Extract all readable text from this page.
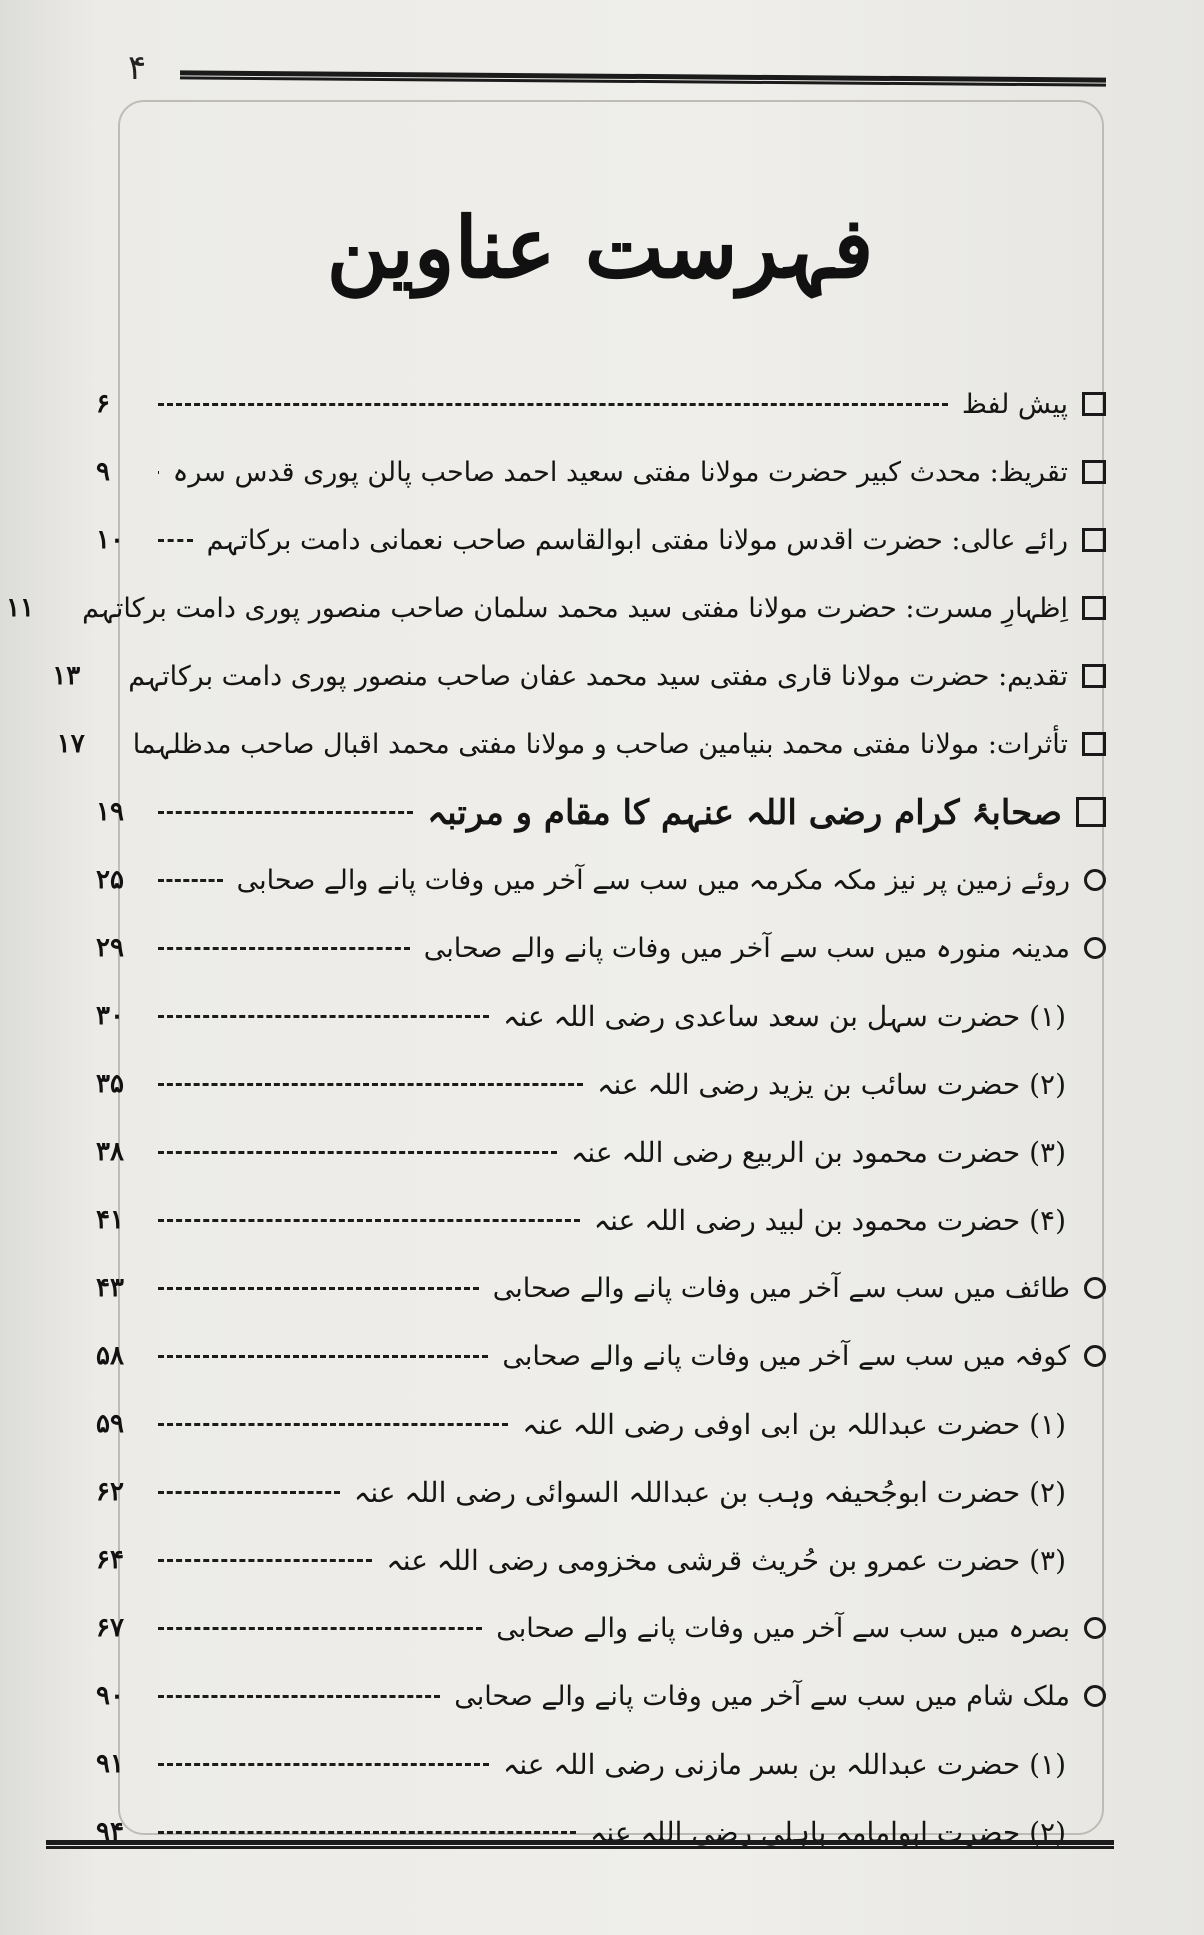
۴
فہرست عناوین
پیش لفظ
۶
تقریظ: محدث کبیر حضرت مولانا مفتی سعید احمد صاحب پالن پوری قدس سرہ
۹
رائے عالی: حضرت اقدس مولانا مفتی ابوالقاسم صاحب نعمانی دامت برکاتہم
۱۰
اِظہارِ مسرت: حضرت مولانا مفتی سید محمد سلمان صاحب منصور پوری دامت برکاتہم
۱۱
تقدیم: حضرت مولانا قاری مفتی سید محمد عفان صاحب منصور پوری دامت برکاتہم
۱۳
تأثرات: مولانا مفتی محمد بنیامین صاحب و مولانا مفتی محمد اقبال صاحب مدظلہما
۱۷
صحابۂ کرام رضی اللہ عنہم کا مقام و مرتبہ
۱۹
روئے زمین پر نیز مکہ مکرمہ میں سب سے آخر میں وفات پانے والے صحابی
۲۵
مدینہ منورہ میں سب سے آخر میں وفات پانے والے صحابی
۲۹
(۱) حضرت سہل بن سعد ساعدی رضی اللہ عنہ
۳۰
(۲) حضرت سائب بن یزید رضی اللہ عنہ
۳۵
(۳) حضرت محمود بن الربیع رضی اللہ عنہ
۳۸
(۴) حضرت محمود بن لبید رضی اللہ عنہ
۴۱
طائف میں سب سے آخر میں وفات پانے والے صحابی
۴۳
کوفہ میں سب سے آخر میں وفات پانے والے صحابی
۵۸
(۱) حضرت عبداللہ بن ابی اوفی رضی اللہ عنہ
۵۹
(۲) حضرت ابوجُحیفہ وہب بن عبداللہ السوائی رضی اللہ عنہ
۶۲
(۳) حضرت عمرو بن حُریث قرشی مخزومی رضی اللہ عنہ
۶۴
بصرہ میں سب سے آخر میں وفات پانے والے صحابی
۶۷
ملک شام میں سب سے آخر میں وفات پانے والے صحابی
۹۰
(۱) حضرت عبداللہ بن بسر مازنی رضی اللہ عنہ
۹۱
(۲) حضرت ابوامامہ باہلی رضی اللہ عنہ
۹۴
